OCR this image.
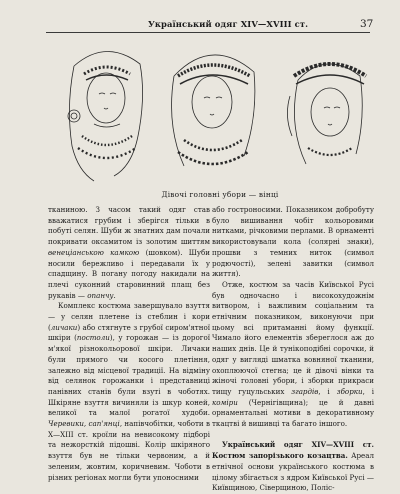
Український одяг XIV—XVIII ст.	37
Дівочі головні убори — вінці

тканиною. З часом такий одяг став вважатися грубим і зберігся тільки в побуті селян. Шуби ж знатних дам почали покривати оксамитом із золотим шиттям венеціанською камкою (шовком). Шуби носили бережливо і передавали їх у спадщину. В погану погоду накидали на плечі суконний старовинний плащ без рукавів — опанчу.

Комплекс костюма завершувало взуття — у селян плетене із стеблин і кори (личаки) або стягнуте з грубої сиром'ятної шкіри (постоли), у горожан — із дорогої м'якої різнокольорової шкіри. Личаки були прямого чи косого плетіння, залежно від місцевої традиції. На відміну від селянок горожанки і представниці панівних станів були взуті в чоботях. Шкіряне взуття вичиняли із шкур коней, великої та малої рогатої худоби. Черевики, сап'янці, напівчобітки, чоботи в X—XIII ст. кроїли на невисокому підборі та нежорсткій підошві. Колір шкіряного взуття був не тільки червоним, а й зеленим, жовтим, коричневим. Чоботи в різних регіонах могли бути упоносними

або гостроносими. Показником добробуту було вишивання чобіт кольоровими нитками, річковими перлами. В орнаменті використовували кола (солярні знаки), прошви з темних ниток (символ родючості), зелені завитки (символ життя).

Отже, костюм за часів Київської Русі був одночасно і високохудожнім витвором, і важливим соціальним та етнічним показником, виконуючи при цьому всі притаманні йому функції. Чимало його елементів збереглося аж до наших днів. Це й тунікоподібні сорочки, й одяг у вигляді шматка вовняної тканини, охоплюючої стегна; це й дівочі вінки та жіночі головні убори, і зборки прикраси тищу гуцульських згардів, і зборки, і коміри (Чернігівщина); це й давні орнаментальні мотиви в декоративному ткацтві й вишивці та багато іншого.

Український одяг XIV—XVIII ст. Костюм запорізького козацтва. Ареал етнічної основи українського костюма в цілому збігається з ядром Київської Русі — Київщиною, Сіверщиною, Поліс-
